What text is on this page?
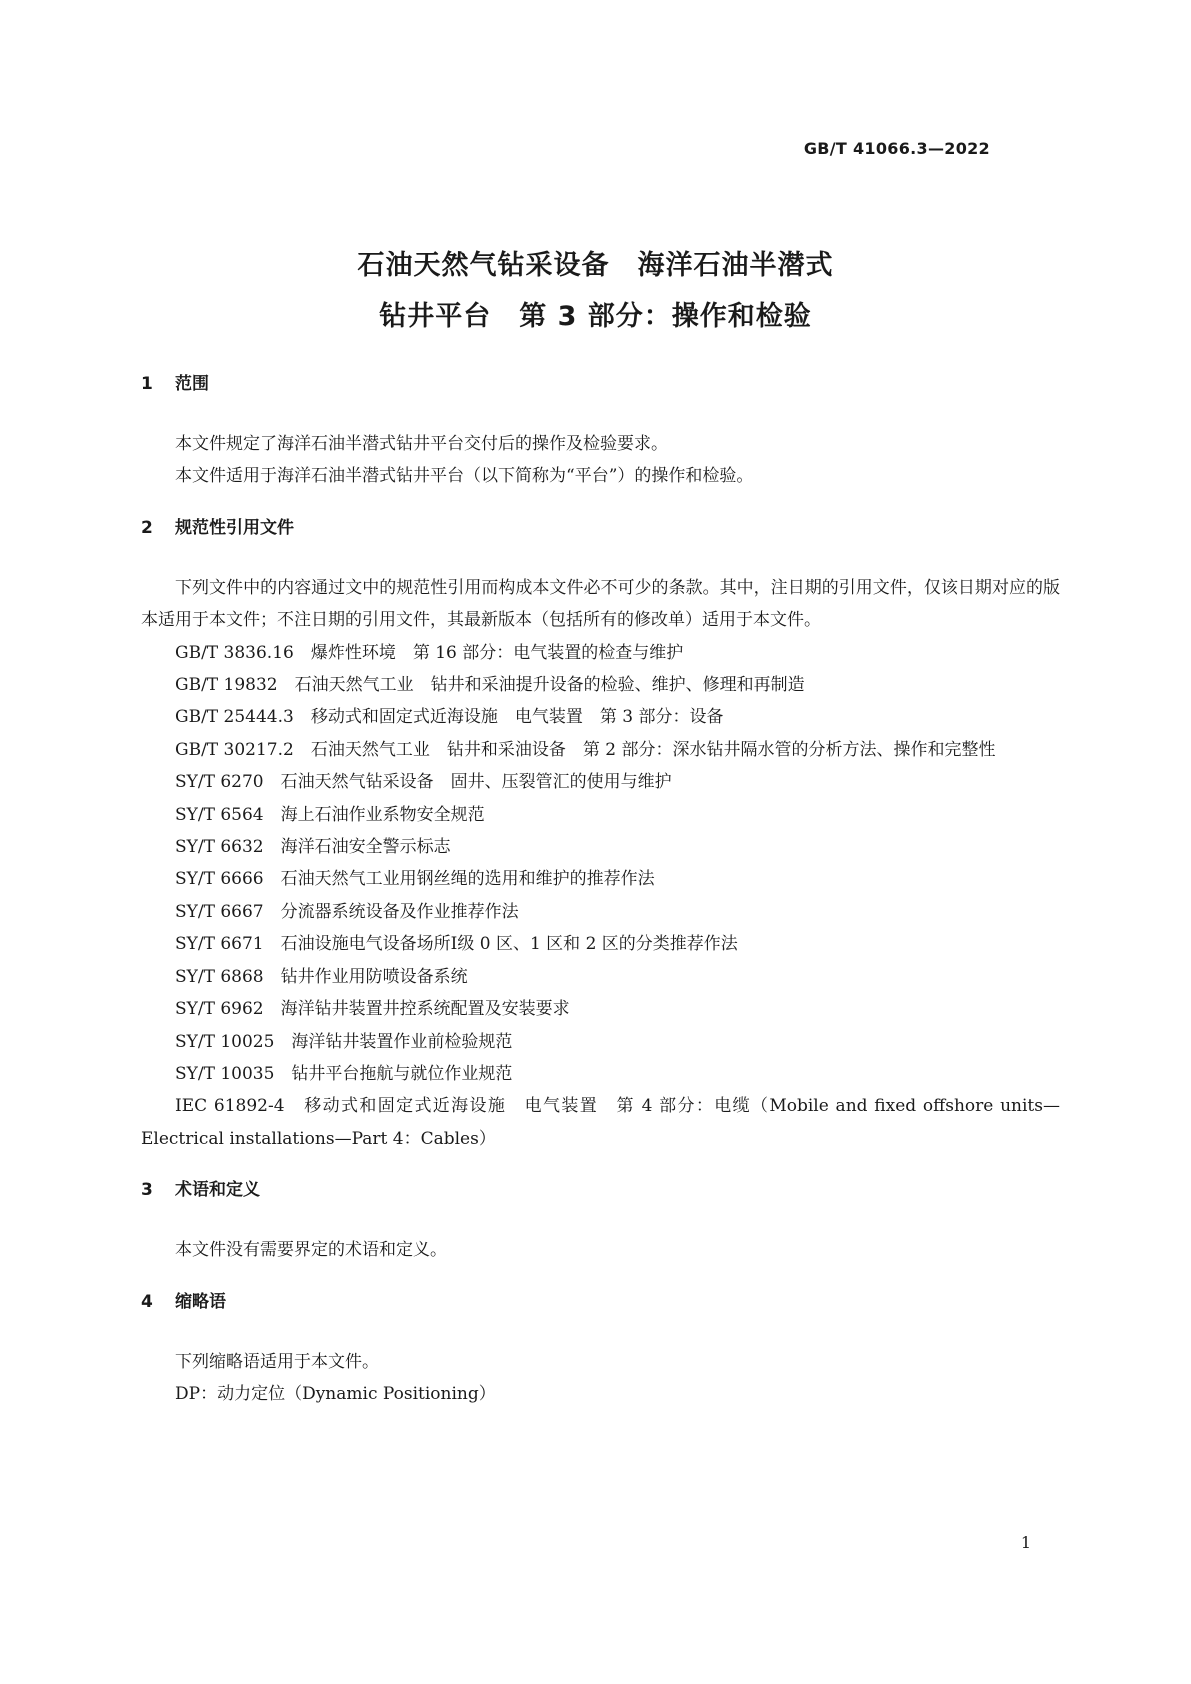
GB/T 41066.3—2022
石油天然气钻采设备　海洋石油半潜式
钻井平台　第 3 部分：操作和检验
1 范围

本文件规定了海洋石油半潜式钻井平台交付后的操作及检验要求。

本文件适用于海洋石油半潜式钻井平台（以下简称为“平台”）的操作和检验。

2 规范性引用文件

下列文件中的内容通过文中的规范性引用而构成本文件必不可少的条款。其中，注日期的引用文件，仅该日期对应的版本适用于本文件；不注日期的引用文件，其最新版本（包括所有的修改单）适用于本文件。

GB/T 3836.16　爆炸性环境　第 16 部分：电气装置的检查与维护

GB/T 19832　石油天然气工业　钻井和采油提升设备的检验、维护、修理和再制造

GB/T 25444.3　移动式和固定式近海设施　电气装置　第 3 部分：设备

GB/T 30217.2　石油天然气工业　钻井和采油设备　第 2 部分：深水钻井隔水管的分析方法、操作和完整性

SY/T 6270　石油天然气钻采设备　固井、压裂管汇的使用与维护

SY/T 6564　海上石油作业系物安全规范

SY/T 6632　海洋石油安全警示标志

SY/T 6666　石油天然气工业用钢丝绳的选用和维护的推荐作法

SY/T 6667　分流器系统设备及作业推荐作法

SY/T 6671　石油设施电气设备场所Ⅰ级 0 区、1 区和 2 区的分类推荐作法

SY/T 6868　钻井作业用防喷设备系统

SY/T 6962　海洋钻井装置井控系统配置及安装要求

SY/T 10025　海洋钻井装置作业前检验规范

SY/T 10035　钻井平台拖航与就位作业规范

IEC 61892-4　移动式和固定式近海设施　电气装置　第 4 部分：电缆（Mobile and fixed offshore units—Electrical installations—Part 4：Cables）

3 术语和定义

本文件没有需要界定的术语和定义。

4 缩略语

下列缩略语适用于本文件。

DP：动力定位（Dynamic Positioning）

1
